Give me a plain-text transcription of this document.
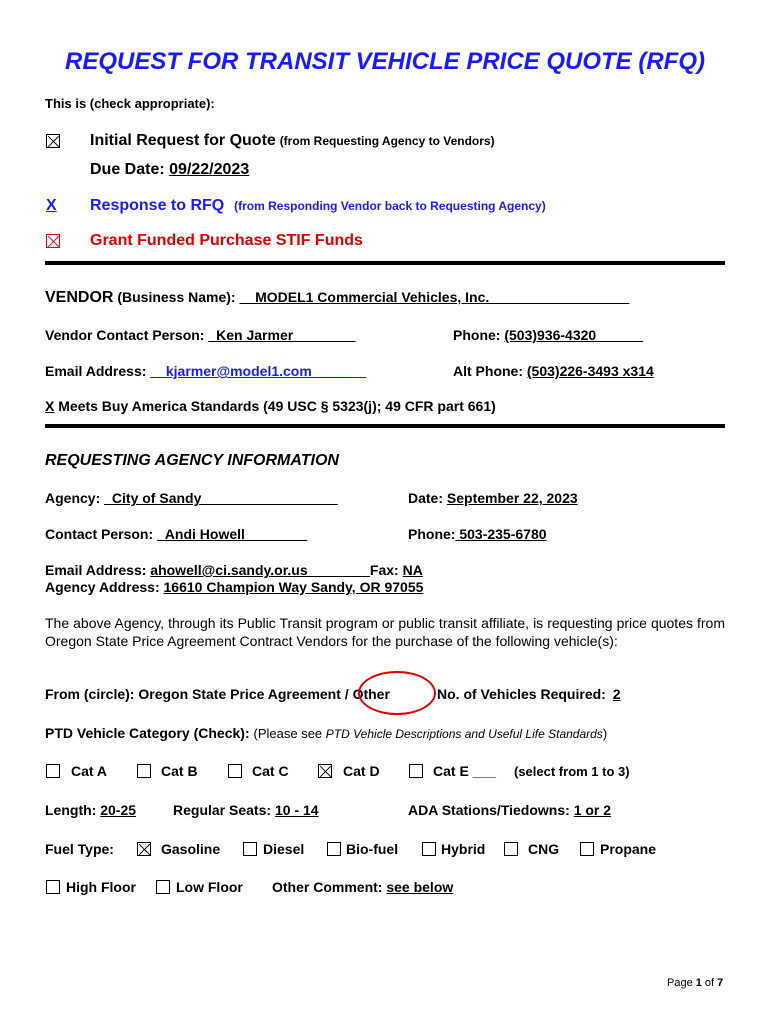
REQUEST FOR TRANSIT VEHICLE PRICE QUOTE (RFQ)
This is (check appropriate):
Initial Request for Quote (from Requesting Agency to Vendors)
Due Date: 09/22/2023
X Response to RFQ (from Responding Vendor back to Requesting Agency)
Grant Funded Purchase STIF Funds
VENDOR (Business Name): __MODEL1 Commercial Vehicles, Inc.__________________
Vendor Contact Person: _Ken Jarmer________	Phone: (503)936-4320______
Email Address: __kjarmer@model1.com_______	Alt Phone: (503)226-3493 x314
X Meets Buy America Standards (49 USC § 5323(j); 49 CFR part 661)
REQUESTING AGENCY INFORMATION
Agency: _City of Sandy________________ _	Date: September 22, 2023
Contact Person: _Andi Howell________	Phone: 503-235-6780
Email Address: ahowell@ci.sandy.or.us________Fax: NA
Agency Address: 16610 Champion Way Sandy, OR 97055
The above Agency, through its Public Transit program or public transit affiliate, is requesting price quotes from Oregon State Price Agreement Contract Vendors for the purchase of the following vehicle(s):
From (circle): Oregon State Price Agreement / Other	No. of Vehicles Required: 2
PTD Vehicle Category (Check): (Please see PTD Vehicle Descriptions and Useful Life Standards)
Cat A	Cat B	Cat C	Cat D	Cat E ___ (select from 1 to 3)
Length: 20-25	Regular Seats: 10 - 14	ADA Stations/Tiedowns: 1 or 2
Fuel Type:	Gasoline	Diesel	Bio-fuel	Hybrid	CNG	Propane
High Floor	Low Floor Other Comment: see below
Page 1 of 7
